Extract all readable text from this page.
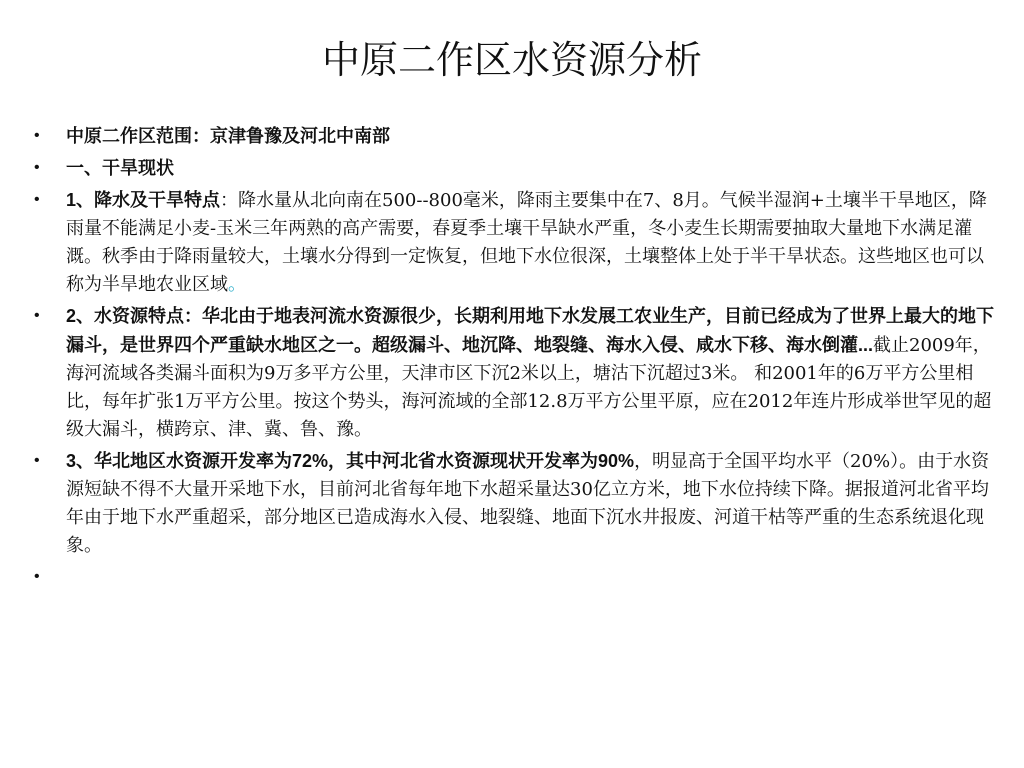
中原二作区水资源分析
• 中原二作区范围：京津鲁豫及河北中南部
• 一、干旱现状
• 1、降水及干旱特点：降水量从北向南在500--800毫米，降雨主要集中在7、8月。气候半湿润+土壤半干旱地区，降雨量不能满足小麦-玉米三年两熟的高产需要，春夏季土壤干旱缺水严重，冬小麦生长期需要抽取大量地下水满足灌溉。秋季由于降雨量较大，土壤水分得到一定恢复，但地下水位很深，土壤整体上处于半干旱状态。这些地区也可以称为半旱地农业区域。
• 2、水资源特点：华北由于地表河流水资源很少，长期利用地下水发展工农业生产，目前已经成为了世界上最大的地下漏斗，是世界四个严重缺水地区之一。超级漏斗、地沉降、地裂缝、海水入侵、咸水下移、海水倒灌...截止2009年，海河流域各类漏斗面积为9万多平方公里，天津市区下沉2米以上，塘沽下沉超过3米。 和2001年的6万平方公里相比，每年扩张1万平方公里。按这个势头，海河流域的全部12.8万平方公里平原，应在2012年连片形成举世罕见的超级大漏斗，横跨京、津、冀、鲁、豫。
• 3、华北地区水资源开发率为72%，其中河北省水资源现状开发率为90%，明显高于全国平均水平（20%）。由于水资源短缺不得不大量开采地下水，目前河北省每年地下水超采量达30亿立方米，地下水位持续下降。据报道河北省平均年由于地下水严重超采，部分地区已造成海水入侵、地裂缝、地面下沉水井报废、河道干枯等严重的生态系统退化现象。
•
